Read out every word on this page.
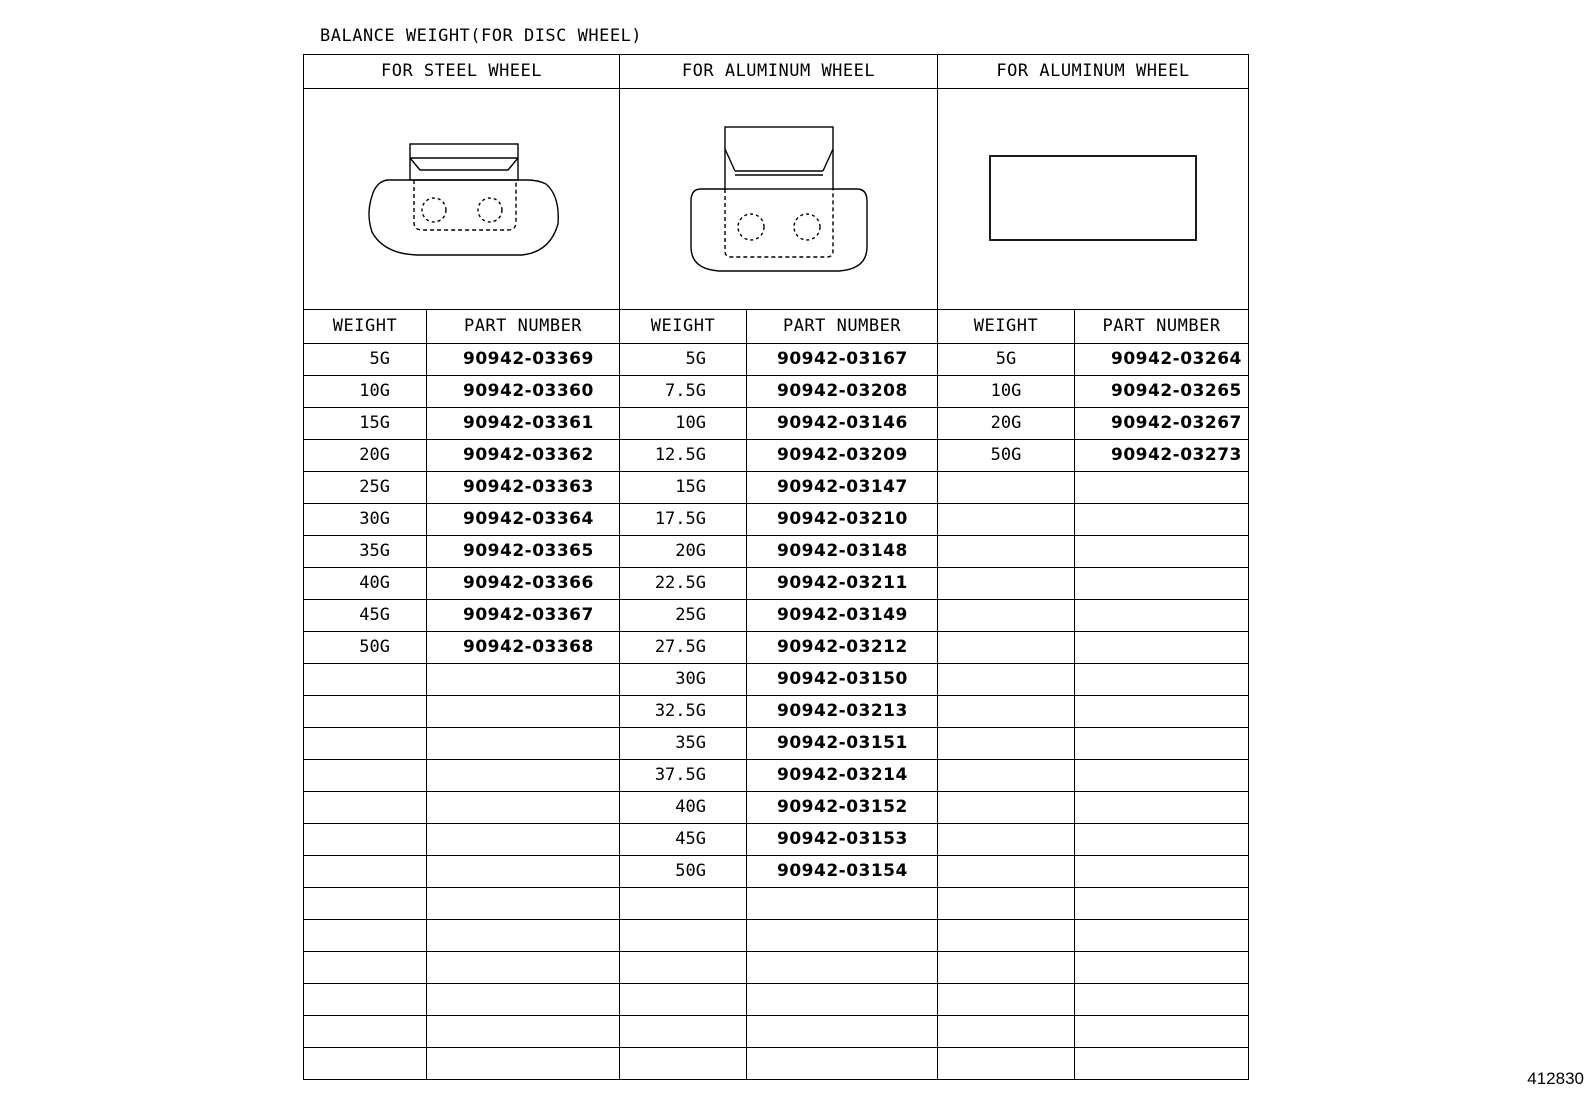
BALANCE WEIGHT(FOR DISC WHEEL)
FOR STEEL WHEEL		FOR ALUMINUM WHEEL		FOR ALUMINUM WHEEL	

WEIGHT	PART NUMBER	WEIGHT	PART NUMBER	WEIGHT	PART NUMBER
5G	90942-03369	5G	90942-03167	5G	90942-03264
10G	90942-03360	7.5G	90942-03208	10G	90942-03265
15G	90942-03361	10G	90942-03146	20G	90942-03267
20G	90942-03362	12.5G	90942-03209	50G	90942-03273
25G	90942-03363	15G	90942-03147		
30G	90942-03364	17.5G	90942-03210		
35G	90942-03365	20G	90942-03148		
40G	90942-03366	22.5G	90942-03211		
45G	90942-03367	25G	90942-03149		
50G	90942-03368	27.5G	90942-03212		
		30G	90942-03150		
		32.5G	90942-03213		
		35G	90942-03151		
		37.5G	90942-03214		
		40G	90942-03152		
		45G	90942-03153		
		50G	90942-03154		

412830
